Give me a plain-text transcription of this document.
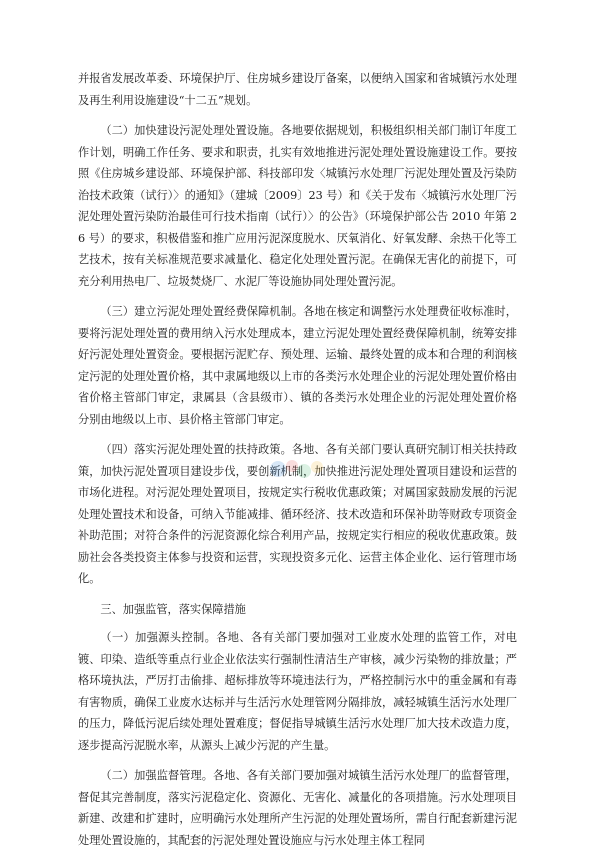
并报省发展改革委、环境保护厅、住房城乡建设厅备案，以便纳入国家和省城镇污水处理及再生利用设施建设“十二五”规划。

（二）加快建设污泥处理处置设施。各地要依据规划，积极组织相关部门制订年度工作计划，明确工作任务、要求和职责，扎实有效地推进污泥处理处置设施建设工作。要按照《住房城乡建设部、环境保护部、科技部印发〈城镇污水处理厂污泥处理处置及污染防治技术政策（试行）〉的通知》（建城〔2009〕23 号）和《关于发布〈城镇污水处理厂污泥处理处置污染防治最佳可行技术指南（试行）〉的公告》（环境保护部公告 2010 年第 26 号）的要求，积极借鉴和推广应用污泥深度脱水、厌氧消化、好氧发酵、余热干化等工艺技术，按有关标准规范要求减量化、稳定化处理处置污泥。在确保无害化的前提下，可充分利用热电厂、垃圾焚烧厂、水泥厂等设施协同处理处置污泥。

（三）建立污泥处理处置经费保障机制。各地在核定和调整污水处理费征收标准时，要将污泥处理处置的费用纳入污水处理成本，建立污泥处理处置经费保障机制，统筹安排好污泥处理处置资金。要根据污泥贮存、预处理、运输、最终处置的成本和合理的利润核定污泥的处理处置价格，其中隶属地级以上市的各类污水处理企业的污泥处理处置价格由省价格主管部门审定，隶属县（含县级市）、镇的各类污水处理企业的污泥处理处置价格分别由地级以上市、县价格主管部门审定。

（四）落实污泥处理处置的扶持政策。各地、各有关部门要认真研究制订相关扶持政策，加快污泥处置项目建设步伐，要创新机制，加快推进污泥处理处置项目建设和运营的市场化进程。对污泥处理处置项目，按规定实行税收优惠政策；对属国家鼓励发展的污泥处理处置技术和设备，可纳入节能减排、循环经济、技术改造和环保补助等财政专项资金补助范围；对符合条件的污泥资源化综合利用产品，按规定实行相应的税收优惠政策。鼓励社会各类投资主体参与投资和运营，实现投资多元化、运营主体企业化、运行管理市场化。

三、加强监管，落实保障措施

（一）加强源头控制。各地、各有关部门要加强对工业废水处理的监管工作，对电镀、印染、造纸等重点行业企业依法实行强制性清洁生产审核，减少污染物的排放量；严格环境执法，严厉打击偷排、超标排放等环境违法行为，严格控制污水中的重金属和有毒有害物质，确保工业废水达标并与生活污水处理管网分隔排放，减轻城镇生活污水处理厂的压力，降低污泥后续处理处置难度；督促指导城镇生活污水处理厂加大技术改造力度，逐步提高污泥脱水率，从源头上减少污泥的产生量。

（二）加强监督管理。各地、各有关部门要加强对城镇生活污水处理厂的监督管理，督促其完善制度，落实污泥稳定化、资源化、无害化、减量化的各项措施。污水处理项目新建、改建和扩建时，应明确污水处理所产生污泥的处理处置场所，需自行配套新建污泥处理处置设施的，其配套的污泥处理处置设施应与污水处理主体工程同
